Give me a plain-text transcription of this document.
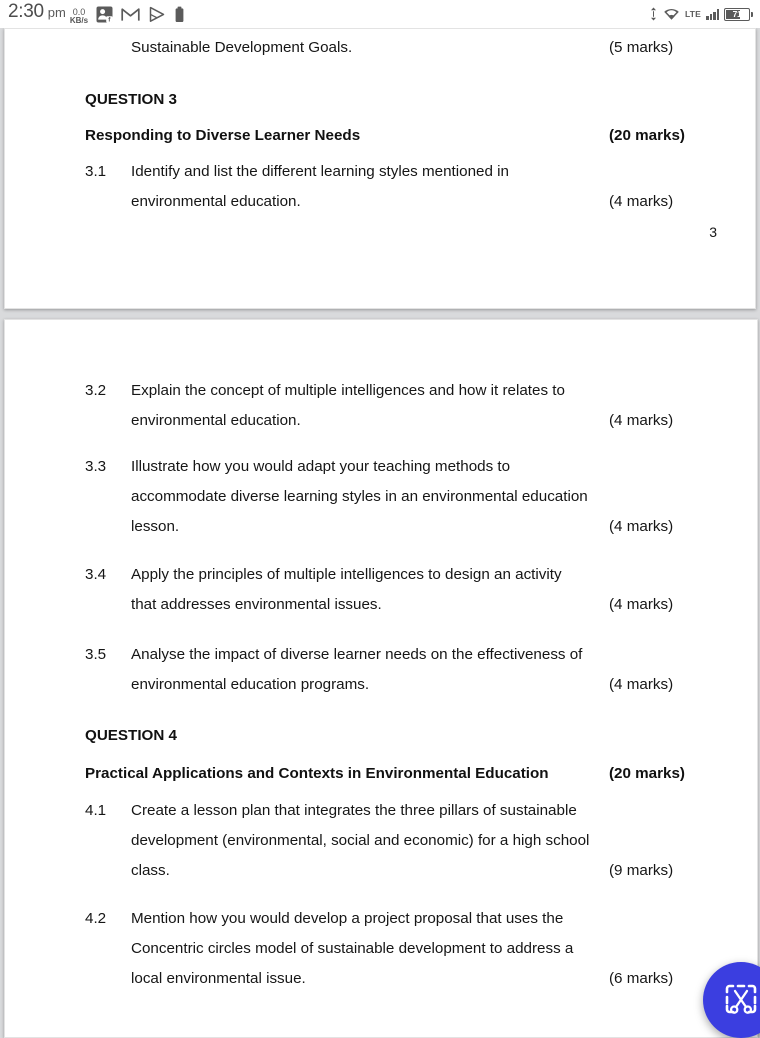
2:30 pm 0.0
KB/s	f
LTE	71
Sustainable Development Goals.	(5 marks)
QUESTION 3
Responding to Diverse Learner Needs	(20 marks)
3.1	Identify and list the different learning styles mentioned in
environmental education.	(4 marks)
3
3.2	Explain the concept of multiple intelligences and how it relates to
environmental education.	(4 marks)
3.3	Illustrate how you would adapt your teaching methods to
accommodate diverse learning styles in an environmental education
lesson.	(4 marks)
3.4	Apply the principles of multiple intelligences to design an activity
that addresses environmental issues.	(4 marks)
3.5	Analyse the impact of diverse learner needs on the effectiveness of
environmental education programs.	(4 marks)
QUESTION 4
Practical Applications and Contexts in Environmental Education	(20 marks)
4.1	Create a lesson plan that integrates the three pillars of sustainable
development (environmental, social and economic) for a high school
class.	(9 marks)
4.2	Mention how you would develop a project proposal that uses the
Concentric circles model of sustainable development to address a
local environmental issue.	(6 marks)
